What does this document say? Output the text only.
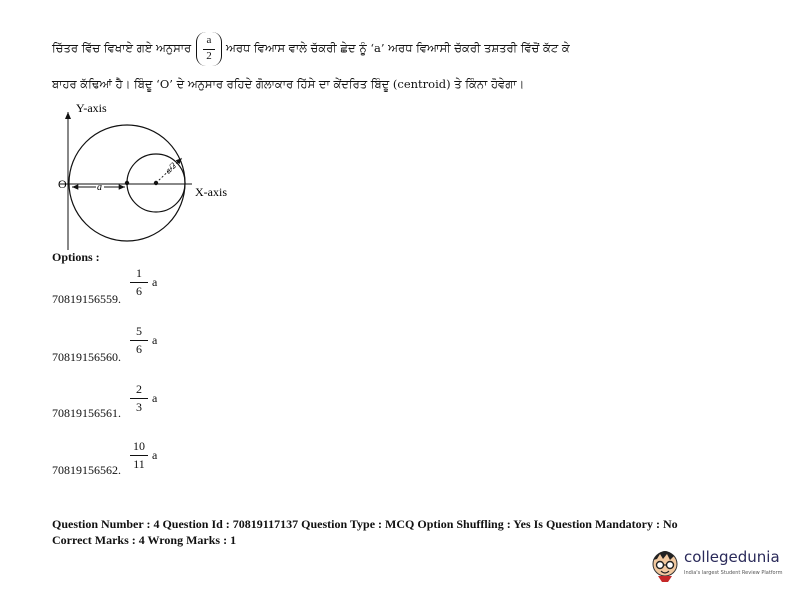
ਚਿੱਤਰ ਵਿੱਚ ਵਿਖਾਏ ਗਏ ਅਨੁਸਾਰ
a
2
ਅਰਧ ਵਿਆਸ ਵਾਲੇ ਚੱਕਰੀ ਛੇਦ ਨੂੰ ‘a’ ਅਰਧ ਵਿਆਸੀ ਚੱਕਰੀ ਤਸ਼ਤਰੀ ਵਿੱਚੋਂ ਕੱਟ ਕੇ
ਬਾਹਰ ਕੱਢਿਆਂ ਹੈ। ਬਿੰਦੂ ‘O’ ਦੇ ਅਨੁਸਾਰ ਰਹਿਦੇ ਗੋਲਾਕਾਰ ਹਿੱਸੇ ਦਾ ਕੇਂਦਰਿਤ ਬਿੰਦੂ (centroid) ਤੇ ਕਿੰਨਾ ਹੋਵੇਗਾ।
Y-axis
X-axis
O	a
a/2
Options :
70819156559.
1
6
a
70819156560.
5
6
a
70819156561.
2
3
a
70819156562.
10
11
a
Question Number : 4 Question Id : 70819117137 Question Type : MCQ Option Shuffling : Yes Is Question Mandatory : No
Correct Marks : 4 Wrong Marks : 1
collegedunia
India's largest Student Review Platform
